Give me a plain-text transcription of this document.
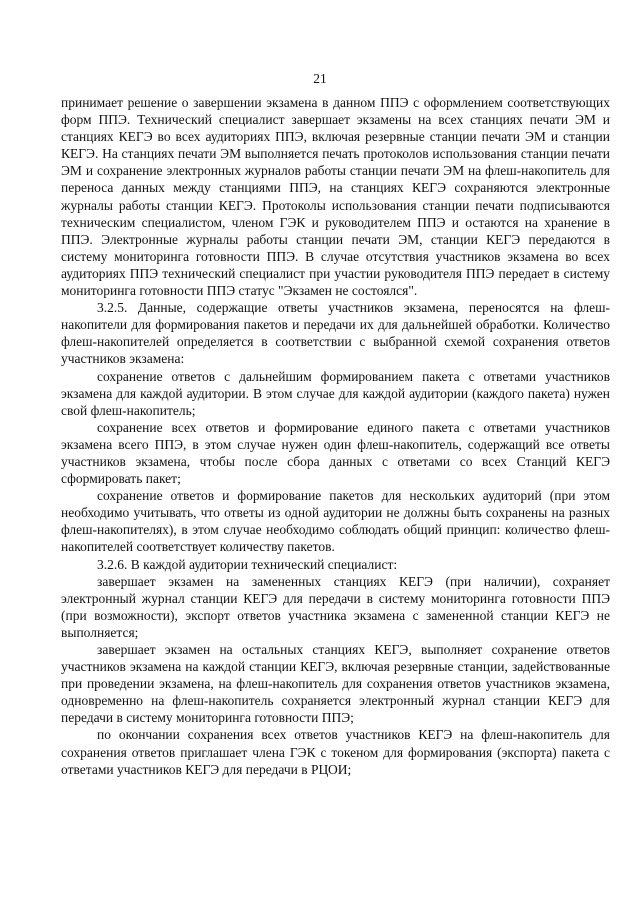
21

принимает решение о завершении экзамена в данном ППЭ с оформлением соответствующих форм ППЭ. Технический специалист завершает экзамены на всех станциях печати ЭМ и станциях КЕГЭ во всех аудиториях ППЭ, включая резервные станции печати ЭМ и станции КЕГЭ. На станциях печати ЭМ выполняется печать протоколов использования станции печати ЭМ и сохранение электронных журналов работы станции печати ЭМ на флеш-накопитель для переноса данных между станциями ППЭ, на станциях КЕГЭ сохраняются электронные журналы работы станции КЕГЭ. Протоколы использования станции печати подписываются техническим специалистом, членом ГЭК и руководителем ППЭ и остаются на хранение в ППЭ. Электронные журналы работы станции печати ЭМ, станции КЕГЭ передаются в систему мониторинга готовности ППЭ. В случае отсутствия участников экзамена во всех аудиториях ППЭ технический специалист при участии руководителя ППЭ передает в систему мониторинга готовности ППЭ статус "Экзамен не состоялся".

3.2.5. Данные, содержащие ответы участников экзамена, переносятся на флеш-накопители для формирования пакетов и передачи их для дальнейшей обработки. Количество флеш-накопителей определяется в соответствии с выбранной схемой сохранения ответов участников экзамена:

сохранение ответов с дальнейшим формированием пакета с ответами участников экзамена для каждой аудитории. В этом случае для каждой аудитории (каждого пакета) нужен свой флеш-накопитель;

сохранение всех ответов и формирование единого пакета с ответами участников экзамена всего ППЭ, в этом случае нужен один флеш-накопитель, содержащий все ответы участников экзамена, чтобы после сбора данных с ответами со всех Станций КЕГЭ сформировать пакет;

сохранение ответов и формирование пакетов для нескольких аудиторий (при этом необходимо учитывать, что ответы из одной аудитории не должны быть сохранены на разных флеш-накопителях), в этом случае необходимо соблюдать общий принцип: количество флеш-накопителей соответствует количеству пакетов.

3.2.6. В каждой аудитории технический специалист:

завершает экзамен на замененных станциях КЕГЭ (при наличии), сохраняет электронный журнал станции КЕГЭ для передачи в систему мониторинга готовности ППЭ (при возможности), экспорт ответов участника экзамена с замененной станции КЕГЭ не выполняется;

завершает экзамен на остальных станциях КЕГЭ, выполняет сохранение ответов участников экзамена на каждой станции КЕГЭ, включая резервные станции, задействованные при проведении экзамена, на флеш-накопитель для сохранения ответов участников экзамена, одновременно на флеш-накопитель сохраняется электронный журнал станции КЕГЭ для передачи в систему мониторинга готовности ППЭ;

по окончании сохранения всех ответов участников КЕГЭ на флеш-накопитель для сохранения ответов приглашает члена ГЭК с токеном для формирования (экспорта) пакета с ответами участников КЕГЭ для передачи в РЦОИ;
